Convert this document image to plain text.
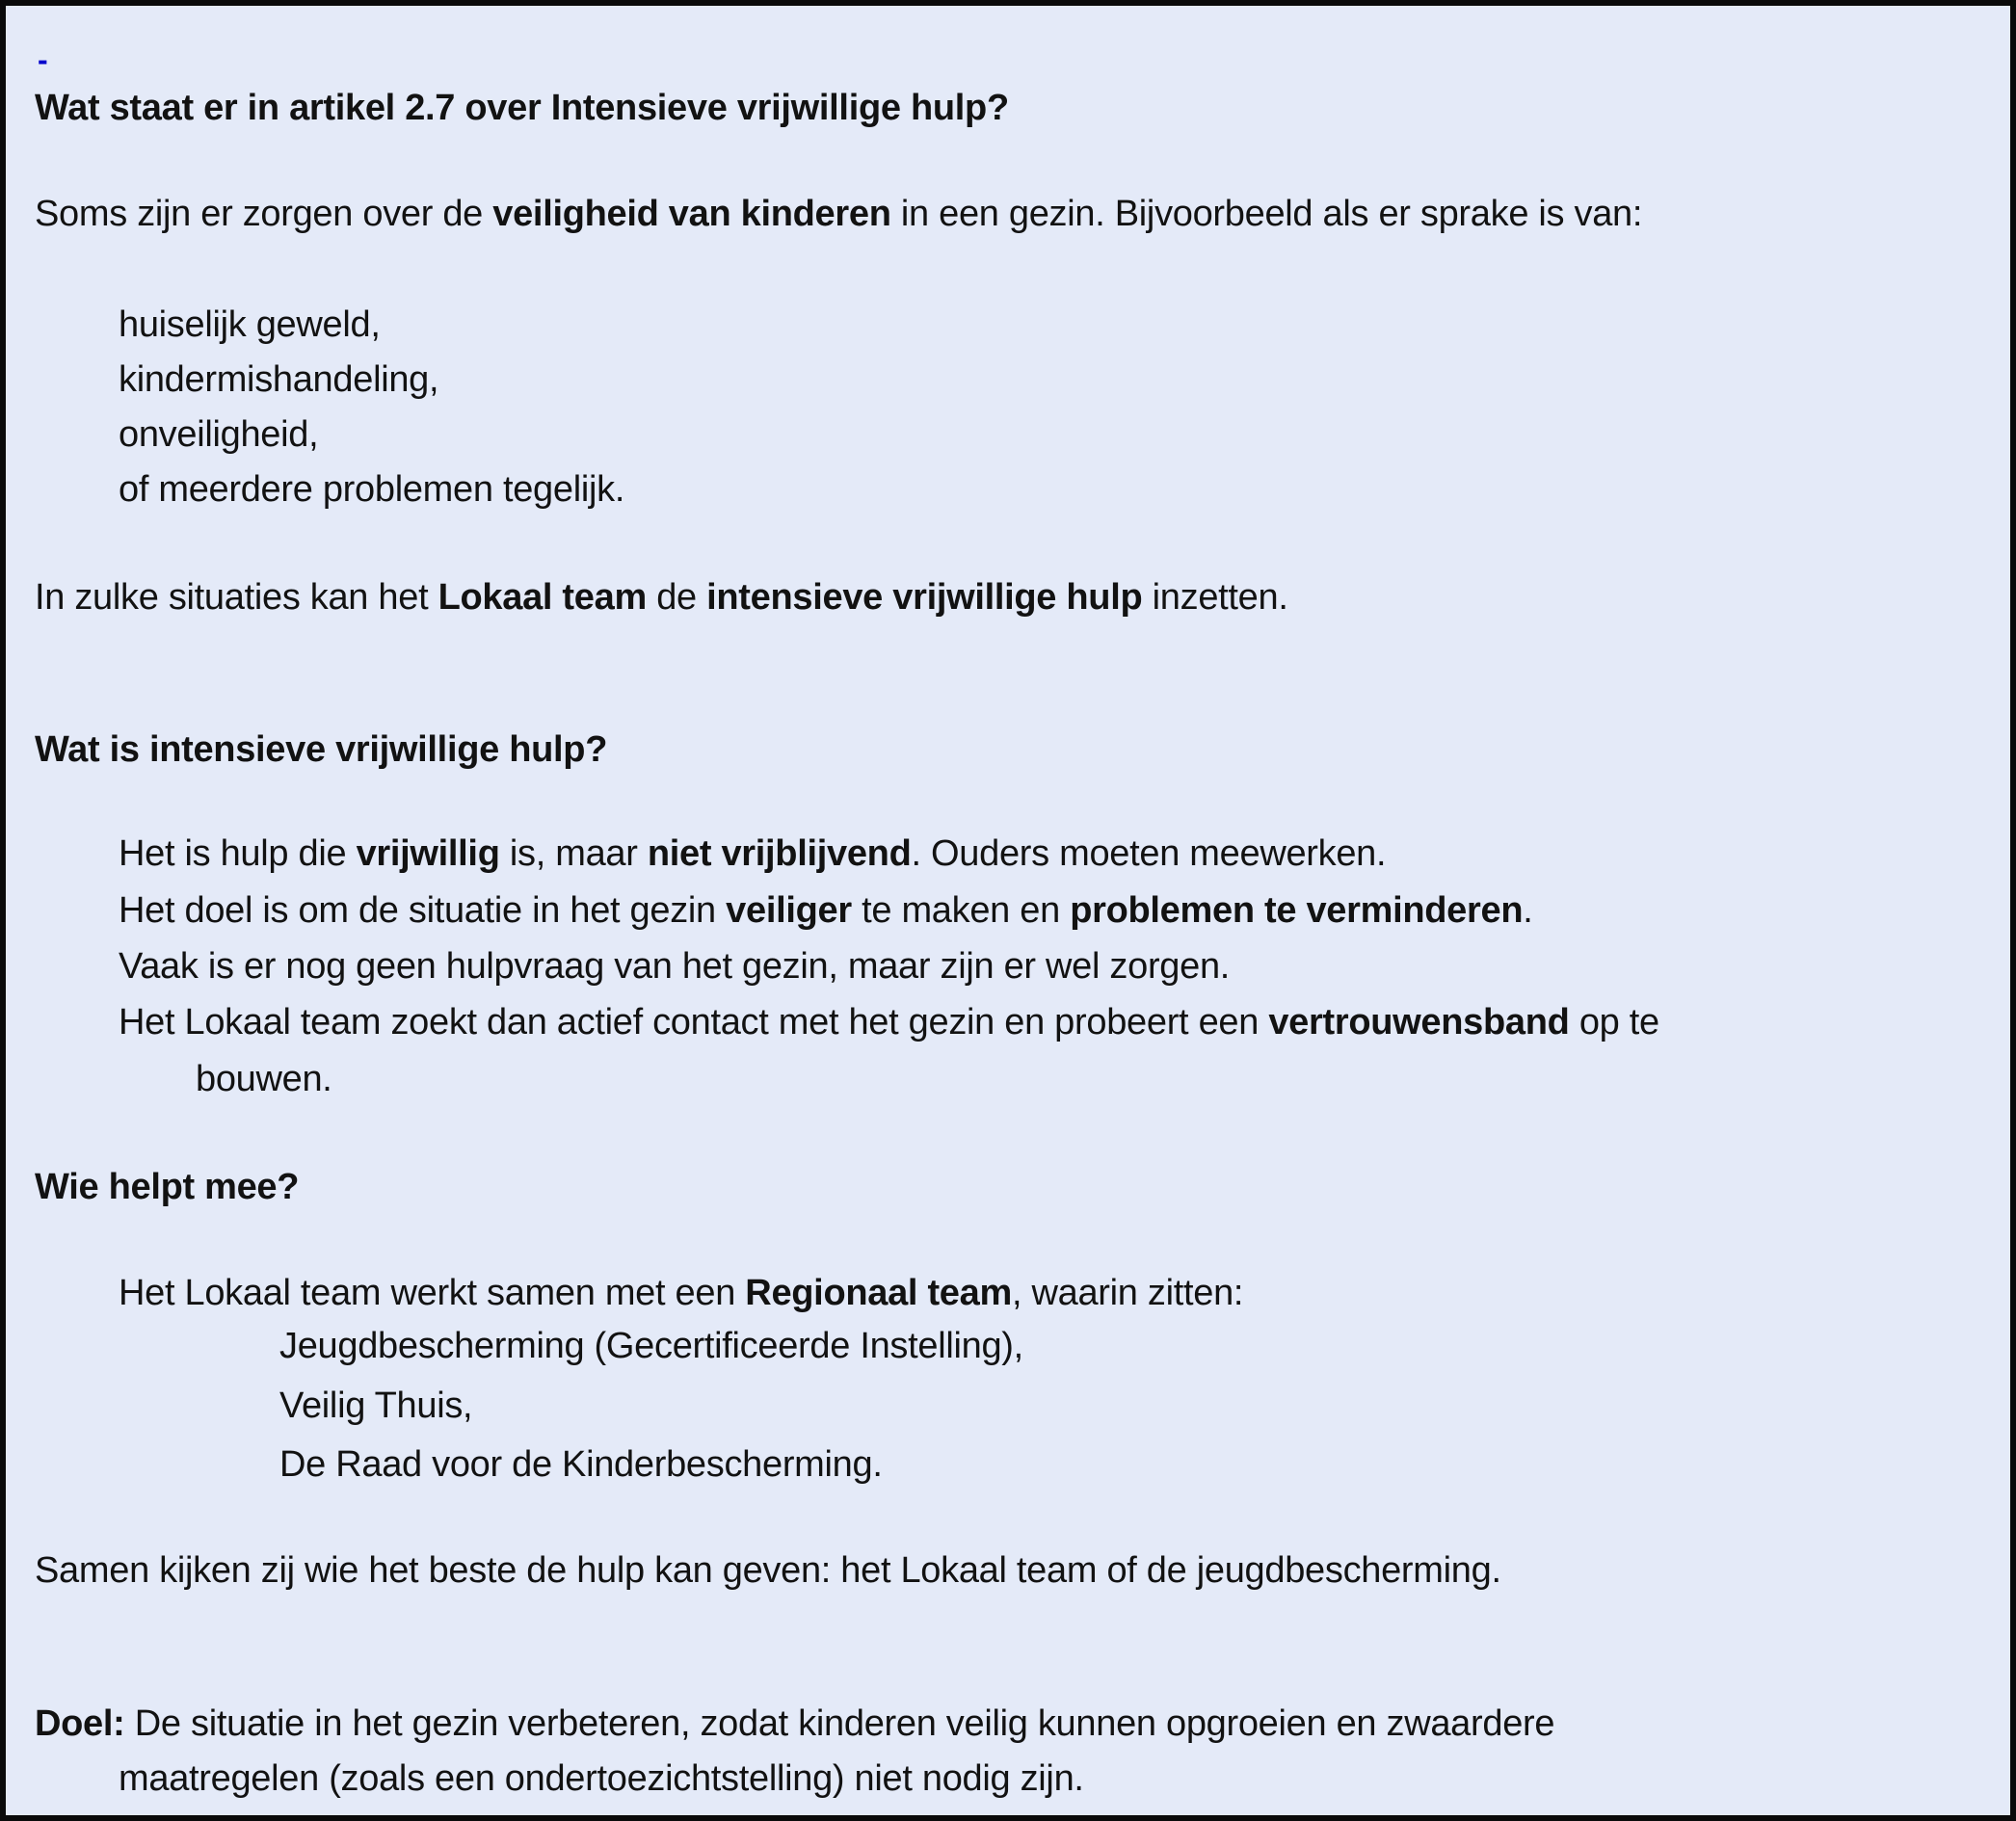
-
Wat staat er in artikel 2.7 over Intensieve vrijwillige hulp?
Soms zijn er zorgen over de veiligheid van kinderen in een gezin. Bijvoorbeeld als er sprake is van:
huiselijk geweld,
kindermishandeling,
onveiligheid,
of meerdere problemen tegelijk.
In zulke situaties kan het Lokaal team de intensieve vrijwillige hulp inzetten.
Wat is intensieve vrijwillige hulp?
Het is hulp die vrijwillig is, maar niet vrijblijvend. Ouders moeten meewerken.
Het doel is om de situatie in het gezin veiliger te maken en problemen te verminderen.
Vaak is er nog geen hulpvraag van het gezin, maar zijn er wel zorgen.
Het Lokaal team zoekt dan actief contact met het gezin en probeert een vertrouwensband op te
bouwen.
Wie helpt mee?
Het Lokaal team werkt samen met een Regionaal team, waarin zitten:
Jeugdbescherming (Gecertificeerde Instelling),
Veilig Thuis,
De Raad voor de Kinderbescherming.
Samen kijken zij wie het beste de hulp kan geven: het Lokaal team of de jeugdbescherming.
Doel: De situatie in het gezin verbeteren, zodat kinderen veilig kunnen opgroeien en zwaardere
maatregelen (zoals een ondertoezichtstelling) niet nodig zijn.
